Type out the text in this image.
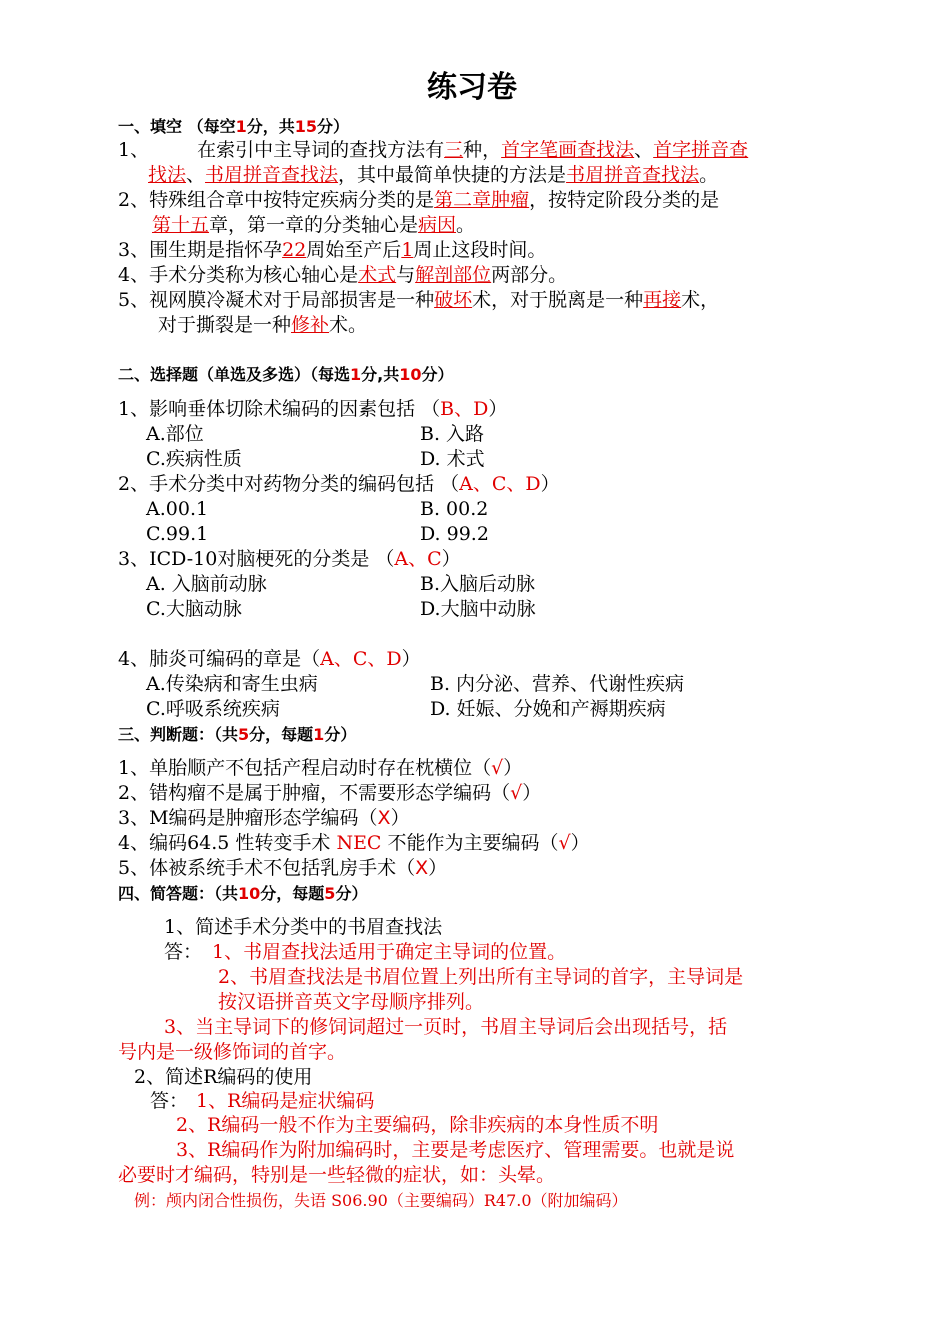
练习卷
一、填空 （每空1分，共15分）
1、	在索引中主导词的查找方法有三种，首字笔画查找法、首字拼音查
找法、书眉拼音查找法，其中最简单快捷的方法是书眉拼音查找法。
2、特殊组合章中按特定疾病分类的是第二章肿瘤，按特定阶段分类的是
第十五章，第一章的分类轴心是病因。
3、围生期是指怀孕22周始至产后1周止这段时间。
4、手术分类称为核心轴心是术式与解剖部位两部分。
5、视网膜冷凝术对于局部损害是一种破坏术，对于脱离是一种再接术，
对于撕裂是一种修补术。
二、选择题（单选及多选）（每选1分,共10分）
1、影响垂体切除术编码的因素包括 （B、D）
A.部位	B. 入路
C.疾病性质	D. 术式
2、手术分类中对药物分类的编码包括 （A、C、D）
A.00.1	B. 00.2
C.99.1	D. 99.2
3、ICD-10对脑梗死的分类是 （A、C）
A. 入脑前动脉	B.入脑后动脉
C.大脑动脉	D.大脑中动脉
4、肺炎可编码的章是（A、C、D）
A.传染病和寄生虫病	B. 内分泌、营养、代谢性疾病
C.呼吸系统疾病	D. 妊娠、分娩和产褥期疾病
三、判断题：（共5分，每题1分）
1、单胎顺产不包括产程启动时存在枕横位（√）
2、错构瘤不是属于肿瘤，不需要形态学编码（√）
3、M编码是肿瘤形态学编码（X）
4、编码64.5 性转变手术 NEC 不能作为主要编码（√）
5、体被系统手术不包括乳房手术（X）
四、简答题：（共10分，每题5分）
1、简述手术分类中的书眉查找法
答： 1、书眉查找法适用于确定主导词的位置。
2、书眉查找法是书眉位置上列出所有主导词的首字，主导词是
按汉语拼音英文字母顺序排列。
3、当主导词下的修饲词超过一页时，书眉主导词后会出现括号，括
号内是一级修饰词的首字。
2、简述R编码的使用
答： 1、R编码是症状编码
2、R编码一般不作为主要编码，除非疾病的本身性质不明
3、R编码作为附加编码时，主要是考虑医疗、管理需要。也就是说
必要时才编码，特别是一些轻微的症状，如：头晕。
例：颅内闭合性损伤，失语 S06.90（主要编码）R47.0（附加编码）
